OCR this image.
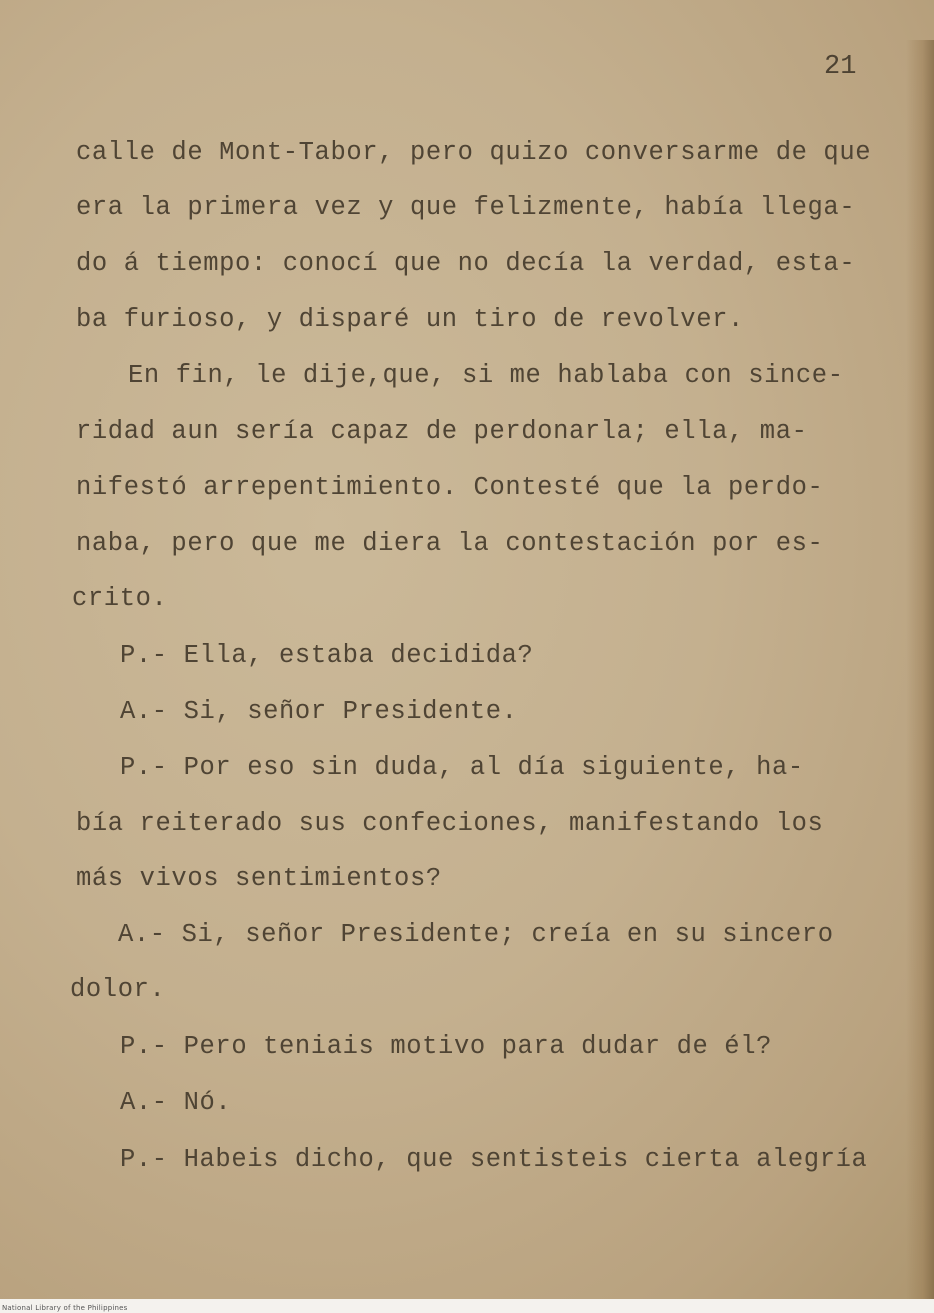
21
calle de Mont-Tabor, pero quizo conversarme de que
era la primera vez y que felizmente, había llega-
do á tiempo: conocí que no decía la verdad, esta-
ba furioso, y disparé un tiro de revolver.
En fin, le dije,que, si me hablaba con since-
ridad aun sería capaz de perdonarla; ella, ma-
nifestó arrepentimiento. Contesté que la perdo-
naba, pero que me diera la contestación por es-
crito.
P.- Ella, estaba decidida?
A.- Si, señor Presidente.
P.- Por eso sin duda, al día siguiente, ha-
bía reiterado sus confeciones, manifestando los
más vivos sentimientos?
A.- Si, señor Presidente; creía en su sincero
dolor.
P.- Pero teniais motivo para dudar de él?
A.- Nó.
P.- Habeis dicho, que sentisteis cierta alegría
National Library of the Philippines
